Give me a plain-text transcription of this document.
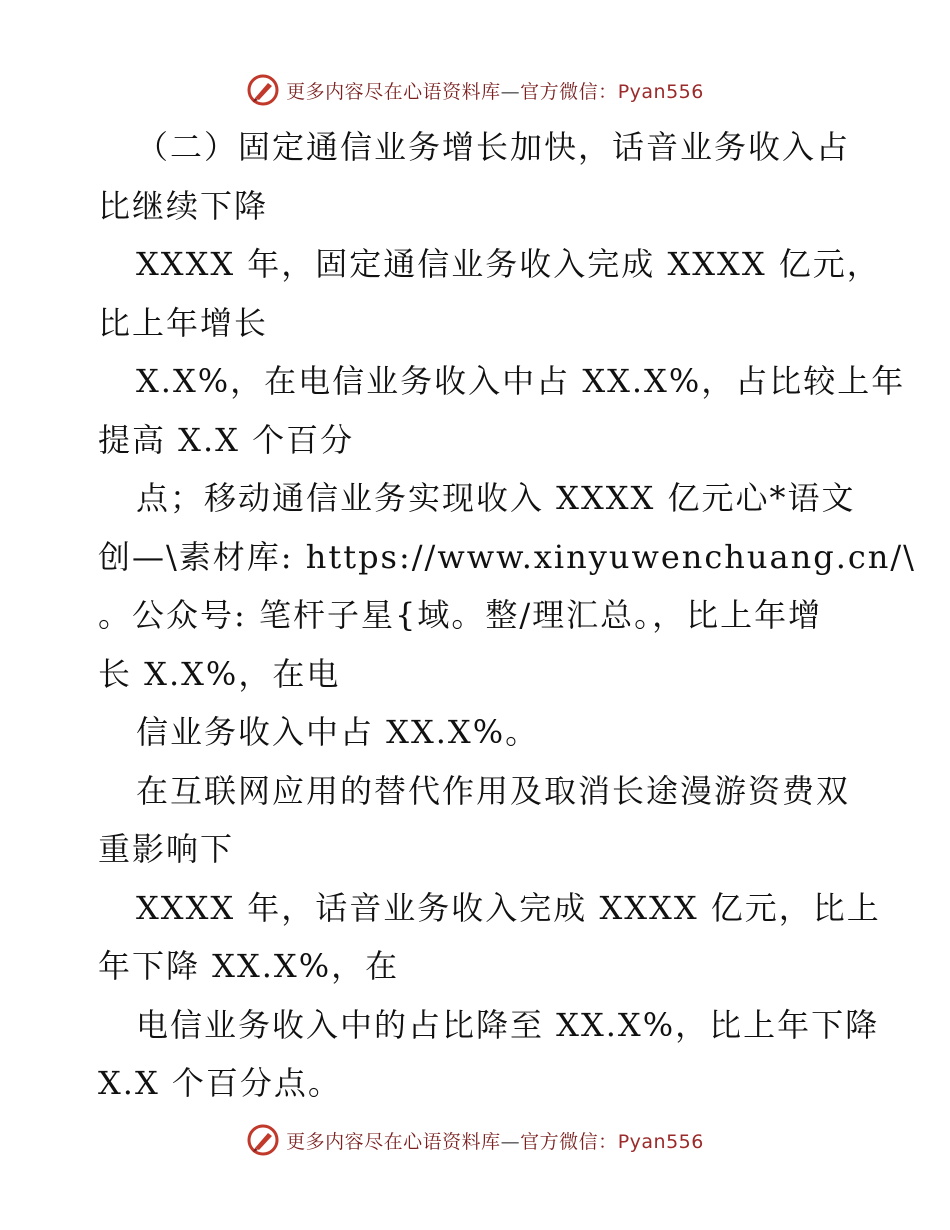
更多内容尽在心语资料库—官方微信：Pyan556
（二）固定通信业务增长加快，话音业务收入占
比继续下降
XXXX 年，固定通信业务收入完成 XXXX 亿元，
比上年增长
X.X%，在电信业务收入中占 XX.X%，占比较上年
提高 X.X 个百分
点；移动通信业务实现收入 XXXX 亿元心*语文
创—\素材库: https://www.xinyuwenchuang.cn/\
。公众号: 笔杆子星{域。整/理汇总。，比上年增
长 X.X%，在电
信业务收入中占 XX.X%。
在互联网应用的替代作用及取消长途漫游资费双
重影响下
XXXX 年，话音业务收入完成 XXXX 亿元，比上
年下降 XX.X%，在
电信业务收入中的占比降至 XX.X%，比上年下降
X.X 个百分点。
更多内容尽在心语资料库—官方微信：Pyan556
